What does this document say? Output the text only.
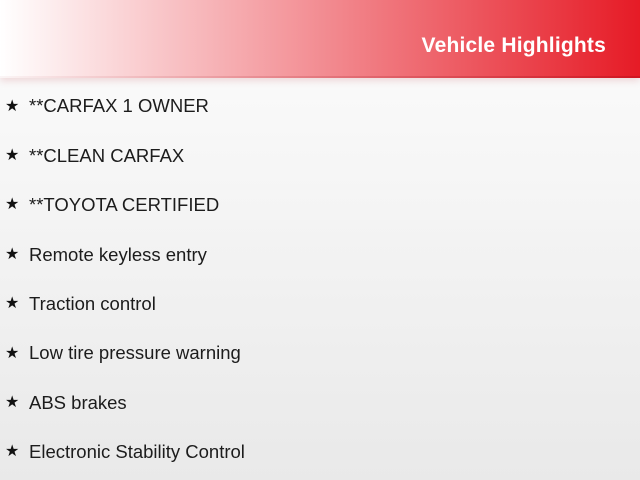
Vehicle Highlights
★ **CARFAX 1 OWNER
★ **CLEAN CARFAX
★ **TOYOTA CERTIFIED
★ Remote keyless entry
★ Traction control
★ Low tire pressure warning
★ ABS brakes
★ Electronic Stability Control
